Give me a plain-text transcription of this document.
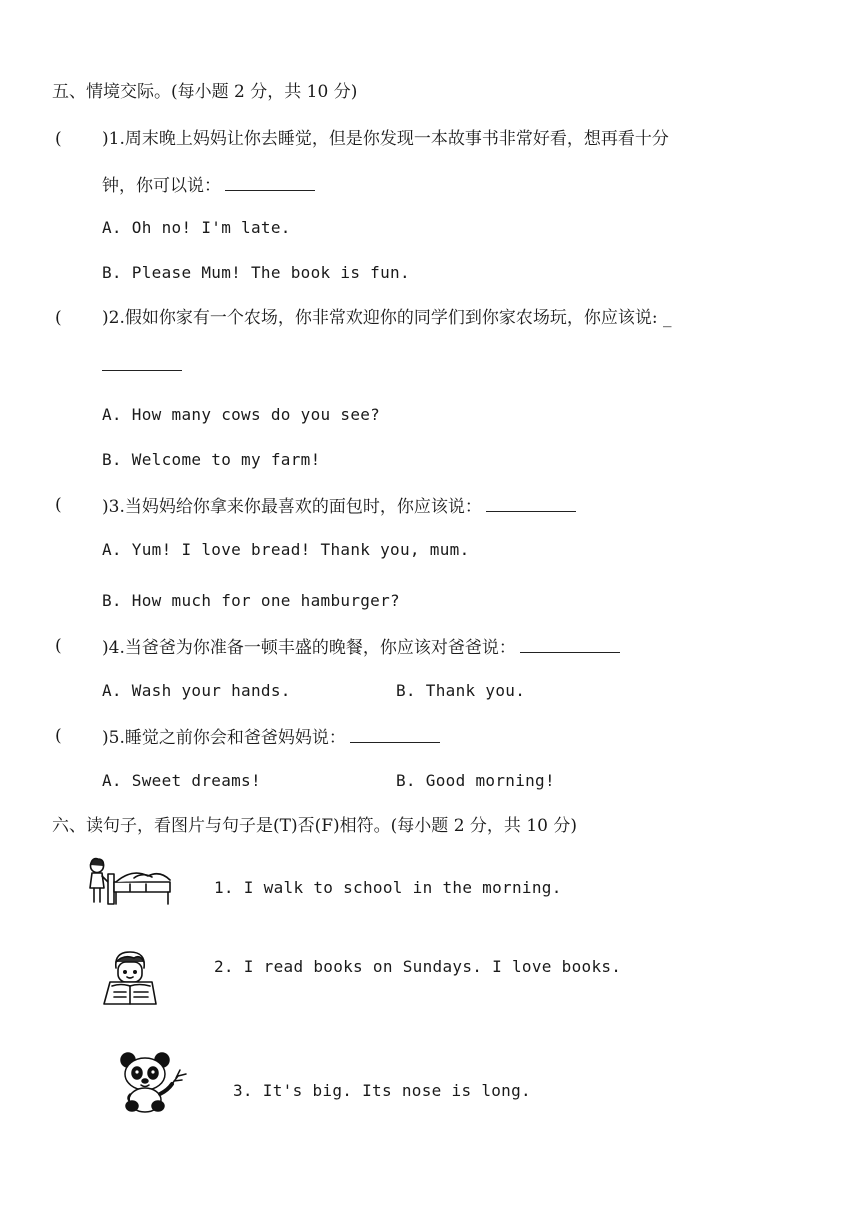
五、情境交际。(每小题 2 分，共 10 分)
( )1.周末晚上妈妈让你去睡觉，但是你发现一本故事书非常好看，想再看十分
钟，你可以说：
A. Oh no! I'm late.
B. Please Mum! The book is fun.
( )2.假如你家有一个农场，你非常欢迎你的同学们到你家农场玩，你应该说: _
A. How many cows do you see?
B. Welcome to my farm!
( )3.当妈妈给你拿来你最喜欢的面包时，你应该说：
A. Yum! I love bread! Thank you, mum.
B. How much for one hamburger?
( )4.当爸爸为你准备一顿丰盛的晚餐，你应该对爸爸说：
A. Wash your hands.	B. Thank you.
( )5.睡觉之前你会和爸爸妈妈说：
A. Sweet dreams!	B. Good morning!
六、读句子，看图片与句子是(T)否(F)相符。(每小题 2 分，共 10 分)
1. I walk to school in the morning.
2. I read books on Sundays. I love books.
3. It's big. Its nose is long.
